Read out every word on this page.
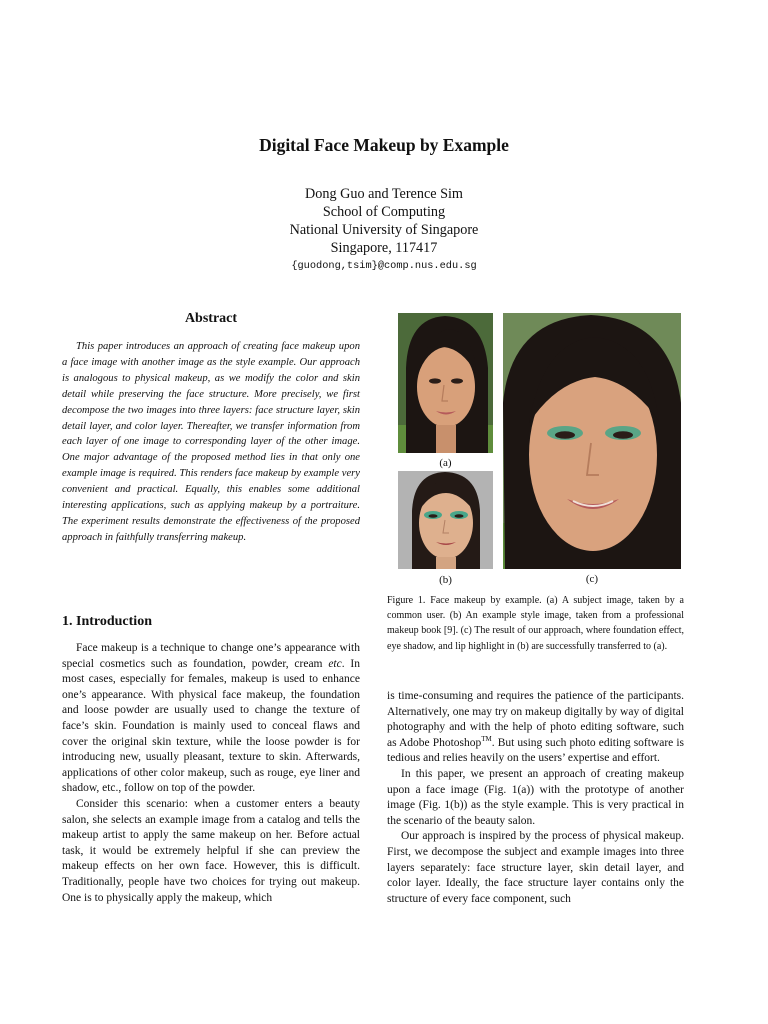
Digital Face Makeup by Example
Dong Guo and Terence Sim
School of Computing
National University of Singapore
Singapore, 117417
{guodong,tsim}@comp.nus.edu.sg
Abstract

This paper introduces an approach of creating face makeup upon a face image with another image as the style example. Our approach is analogous to physical makeup, as we modify the color and skin detail while preserving the face structure. More precisely, we first decompose the two images into three layers: face structure layer, skin detail layer, and color layer. Thereafter, we transfer information from each layer of one image to corresponding layer of the other image. One major advantage of the proposed method lies in that only one example image is required. This renders face makeup by example very convenient and practical. Equally, this enables some additional interesting applications, such as applying makeup by a portraiture. The experiment results demonstrate the effectiveness of the proposed approach in faithfully transferring makeup.

1. Introduction

Face makeup is a technique to change one’s appearance with special cosmetics such as foundation, powder, cream etc. In most cases, especially for females, makeup is used to enhance one’s appearance. With physical face makeup, the foundation and loose powder are usually used to change the texture of face’s skin. Foundation is mainly used to conceal flaws and cover the original skin texture, while the loose powder is for introducing new, usually pleasant, texture to skin. Afterwards, applications of other color makeup, such as rouge, eye liner and shadow, etc., follow on top of the powder.

Consider this scenario: when a customer enters a beauty salon, she selects an example image from a catalog and tells the makeup artist to apply the same makeup on her. Before actual task, it would be extremely helpful if she can preview the makeup effects on her own face. However, this is difficult. Traditionally, people have two choices for trying out makeup. One is to physically apply the makeup, which

(a)
(b)	(c)
Figure 1. Face makeup by example. (a) A subject image, taken by a common user. (b) An example style image, taken from a professional makeup book [9]. (c) The result of our approach, where foundation effect, eye shadow, and lip highlight in (b) are successfully transferred to (a).

is time-consuming and requires the patience of the participants. Alternatively, one may try on makeup digitally by way of digital photography and with the help of photo editing software, such as Adobe Photoshop™. But using such photo editing software is tedious and relies heavily on the users’ expertise and effort.

In this paper, we present an approach of creating makeup upon a face image (Fig. 1(a)) with the prototype of another image (Fig. 1(b)) as the style example. This is very practical in the scenario of the beauty salon.

Our approach is inspired by the process of physical makeup. First, we decompose the subject and example images into three layers separately: face structure layer, skin detail layer, and color layer. Ideally, the face structure layer contains only the structure of every face component, such
